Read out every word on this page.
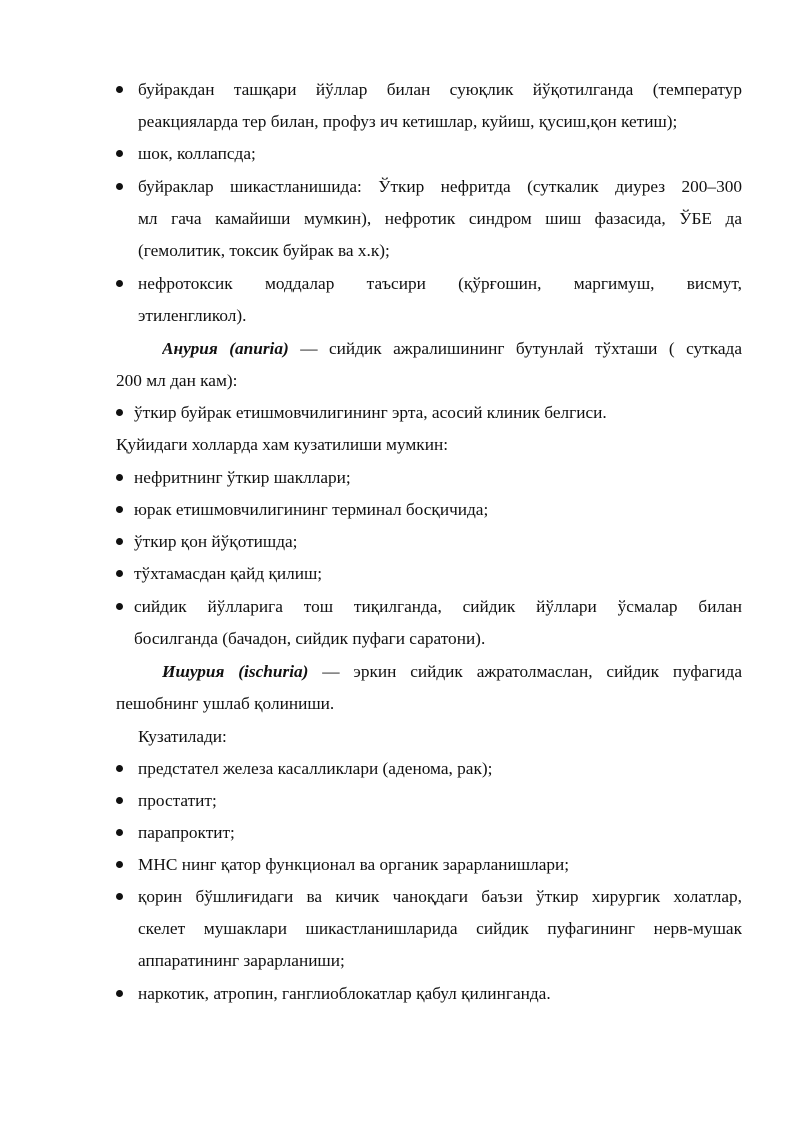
буйракдан ташқари йўллар билан суюқлик йўқотилганда (температур
реакцияларда тер билан, профуз ич кетишлар, куйиш, қусиш,қон кетиш);
шок, коллапсда;
буйраклар шикастланишида: Ўткир нефритда (суткалик диурез 200–300
мл гача камайиши мумкин), нефротик синдром шиш фазасида, ЎБЕ да
(гемолитик, токсик буйрак ва х.к);
нефротоксик моддалар таъсири (қўрғошин, маргимуш, висмут,
этиленгликол).
Анурия (anuria) — сийдик ажралишининг бутунлай тўхташи ( суткада
200 мл дан кам):
ўткир буйрак етишмовчилигининг эрта, асосий клиник белгиси.
Қуйидаги холларда хам кузатилиши мумкин:
нефритнинг ўткир шакллари;
юрак етишмовчилигининг терминал босқичида;
ўткир қон йўқотишда;
тўхтамасдан қайд қилиш;
сийдик йўлларига тош тиқилганда, сийдик йўллари ўсмалар билан
босилганда (бачадон, сийдик пуфаги саратони).
Ишурия (ischuria) — эркин сийдик ажратолмаслан, сийдик пуфагида
пешобнинг ушлаб қолиниши.
Кузатилади:
предстател железа касалликлари (аденома, рак);
простатит;
парапроктит;
МНС нинг қатор функционал ва органик зарарланишлари;
қорин бўшлиғидаги ва кичик чаноқдаги баъзи ўткир хирургик холатлар,
скелет мушаклари шикастланишларида сийдик пуфагининг нерв-мушак
аппаратининг зарарланиши;
наркотик, атропин, ганглиоблокатлар қабул қилинганда.
